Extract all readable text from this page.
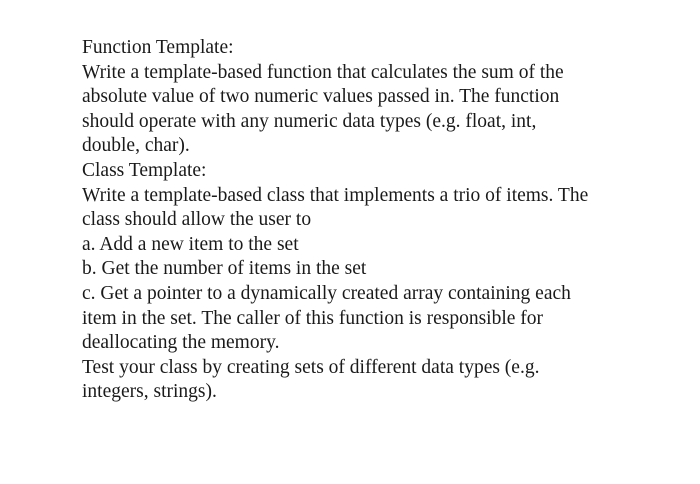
Function Template:
Write a template-based function that calculates the sum of the
absolute value of two numeric values passed in. The function
should operate with any numeric data types (e.g. float, int,
double, char).
Class Template:
Write a template-based class that implements a trio of items. The
class should allow the user to
a. Add a new item to the set
b. Get the number of items in the set
c. Get a pointer to a dynamically created array containing each
item in the set. The caller of this function is responsible for
deallocating the memory.
Test your class by creating sets of different data types (e.g.
integers, strings).
